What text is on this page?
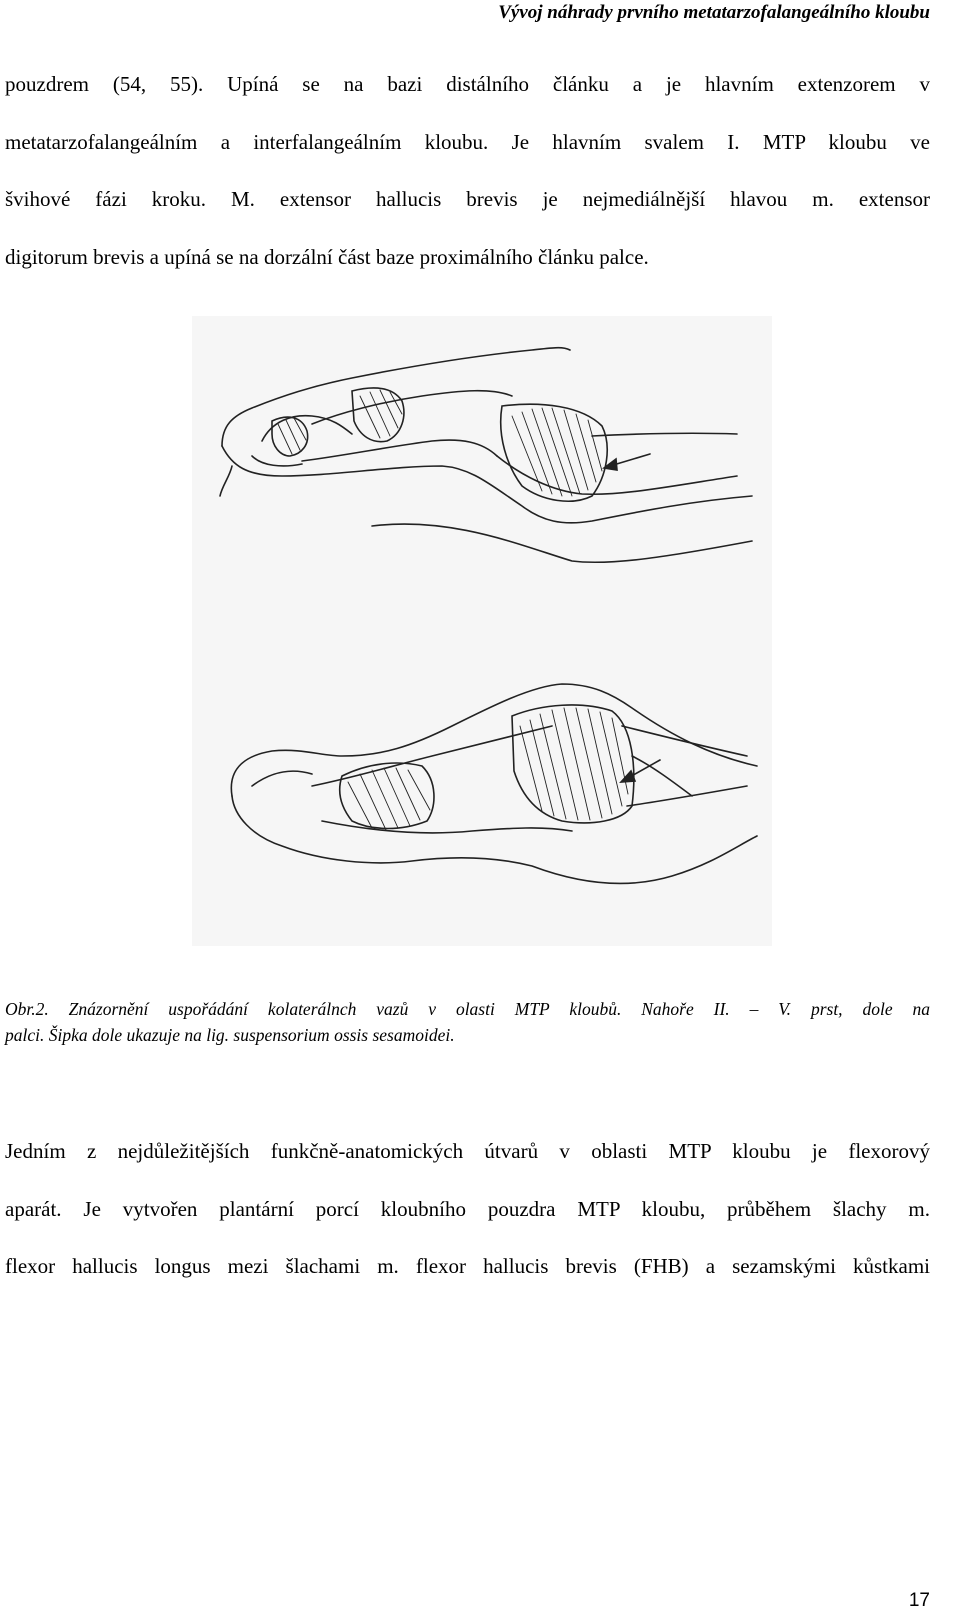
Vývoj náhrady prvního metatarzofalangeálního kloubu
pouzdrem (54, 55). Upíná se na bazi distálního článku a je hlavním extenzorem v
metatarzofalangeálním a interfalangeálním kloubu. Je hlavním svalem I. MTP kloubu ve
švihové fázi kroku. M. extensor hallucis brevis je nejmediálnější hlavou m. extensor
digitorum brevis a upíná se na dorzální část baze proximálního článku palce.
Obr.2. Znázornění uspořádání kolaterálnch vazů v olasti MTP kloubů. Nahoře II. – V. prst, dole na
palci. Šipka dole ukazuje na lig. suspensorium ossis sesamoidei.
Jedním z nejdůležitějších funkčně-anatomických útvarů v oblasti MTP kloubu je flexorový
aparát. Je vytvořen plantární porcí kloubního pouzdra MTP kloubu, průběhem šlachy m.
flexor hallucis longus mezi šlachami m. flexor hallucis brevis (FHB) a sezamskými kůstkami
17
